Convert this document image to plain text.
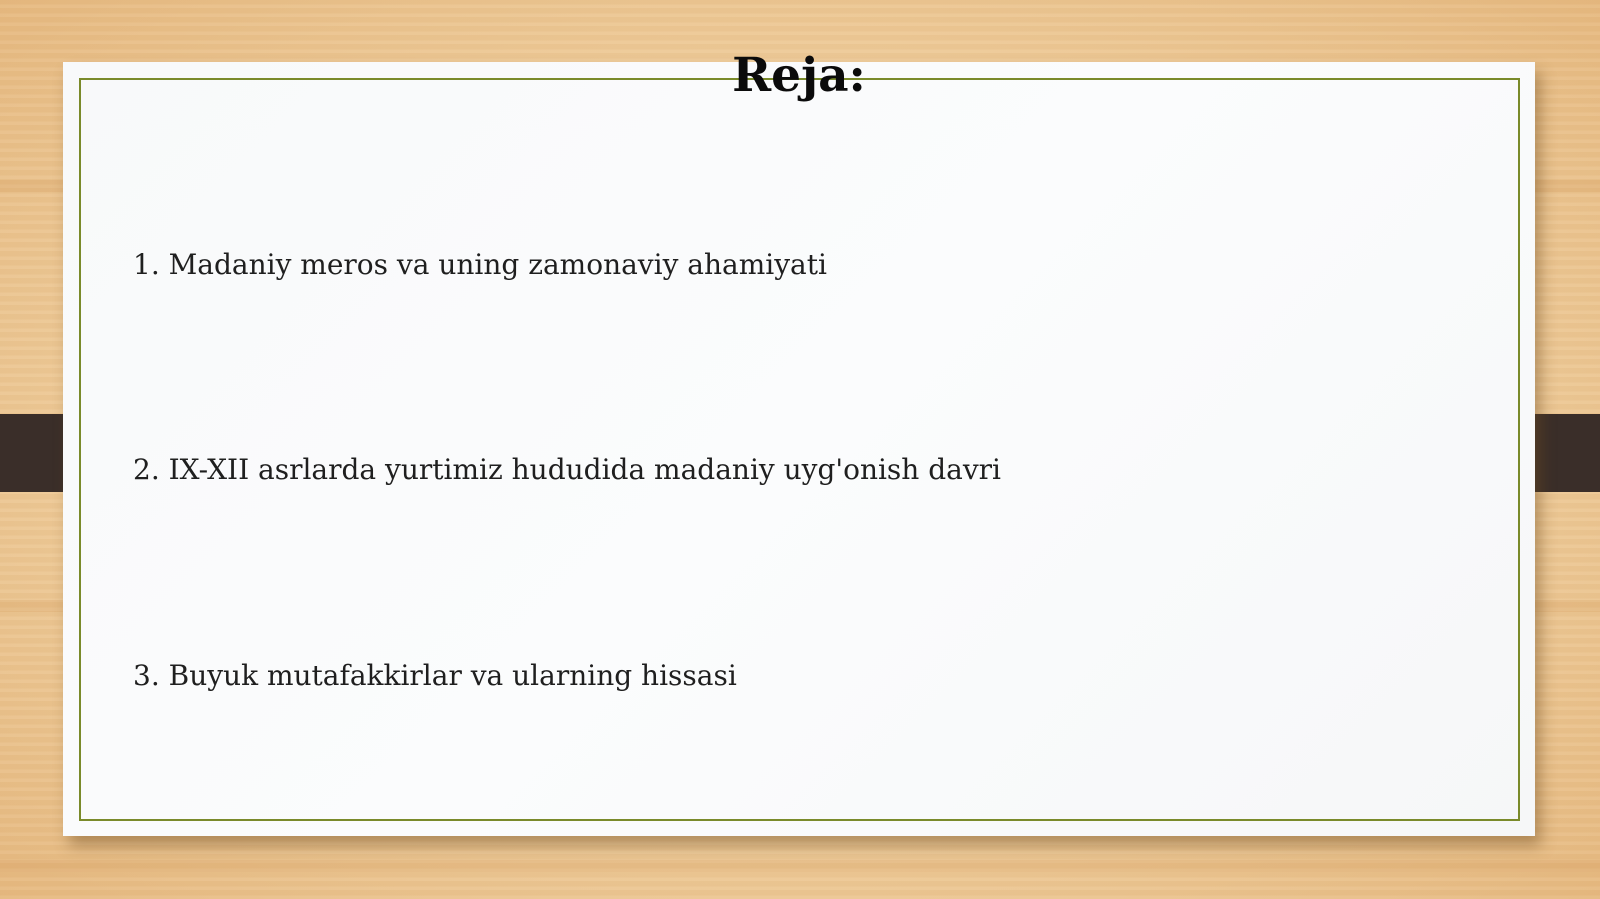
Reja:
1. Madaniy meros va uning zamonaviy ahamiyati
2. IX-XII asrlarda yurtimiz hududida madaniy uyg'onish davri
3. Buyuk mutafakkirlar va ularning hissasi
